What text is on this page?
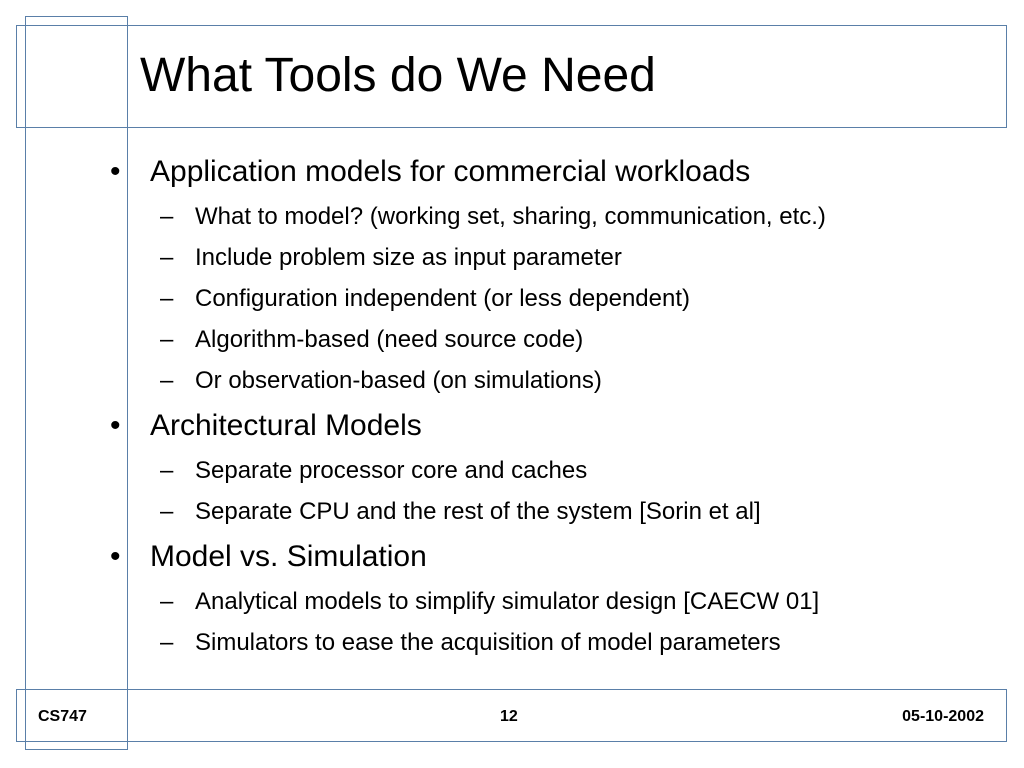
What Tools do We Need
• Application models for commercial workloads
– What to model? (working set, sharing, communication, etc.)
– Include problem size as input parameter
– Configuration independent (or less dependent)
– Algorithm-based (need source code)
– Or observation-based (on simulations)
• Architectural Models
– Separate processor core and caches
– Separate CPU and the rest of the system [Sorin et al]
• Model vs. Simulation
– Analytical models to simplify simulator design [CAECW 01]
– Simulators to ease the acquisition of model parameters
CS747	12	05-10-2002
